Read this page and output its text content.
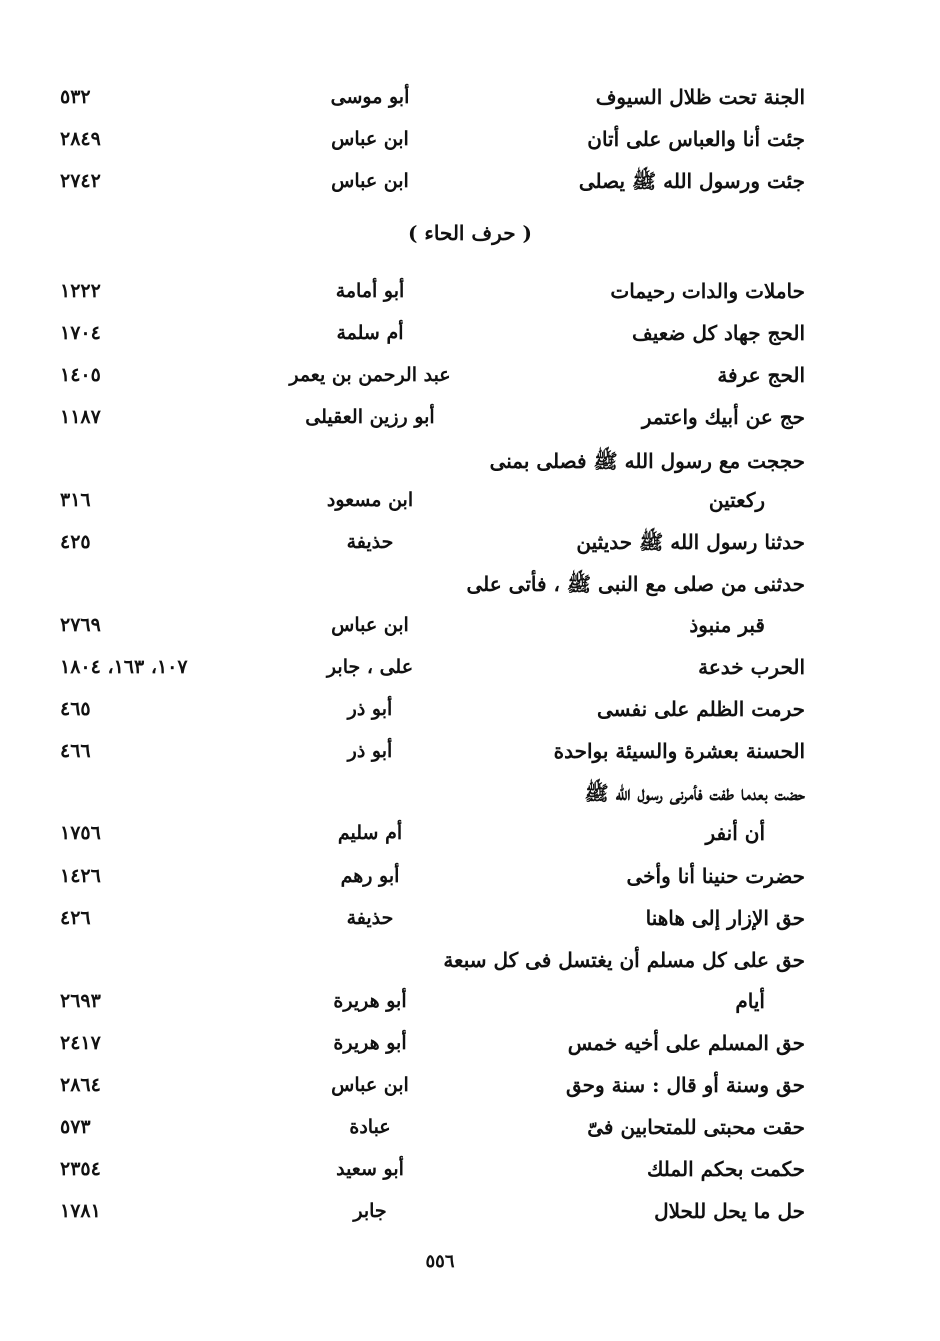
الجنة تحت ظلال السيوف
أبو موسى
٥٣٢
جئت أنا والعباس على أتان
ابن عباس
٢٨٤٩
جئت ورسول الله ﷺ يصلى
ابن عباس
٢٧٤٢
( حرف الحاء )
حاملات والدات رحيمات
أبو أمامة
١٢٢٢
الحج جهاد كل ضعيف
أم سلمة
١٧٠٤
الحج عرفة
عبد الرحمن بن يعمر
١٤٠٥
حج عن أبيك واعتمر
أبو رزين العقيلى
١١٨٧
حججت مع رسول الله ﷺ فصلى بمنى
ركعتين
ابن مسعود
٣١٦
حدثنا رسول الله ﷺ حديثين
حذيفة
٤٢٥
حدثنى من صلى مع النبى ﷺ ، فأتى على
قبر منبوذ
ابن عباس
٢٧٦٩
الحرب خدعة
على ، جابر
١٠٧، ١٦٣، ١٨٠٤
حرمت الظلم على نفسى
أبو ذر
٤٦٥
الحسنة بعشرة والسيئة بواحدة
أبو ذر
٤٦٦
حضت بعدما طفت فأمرنى رسول الله ﷺ
أن أنفر
أم سليم
١٧٥٦
حضرت حنينا أنا وأخى
أبو رهم
١٤٢٦
حق الإزار إلى هاهنا
حذيفة
٤٢٦
حق على كل مسلم أن يغتسل فى كل سبعة
أيام
أبو هريرة
٢٦٩٣
حق المسلم على أخيه خمس
أبو هريرة
٢٤١٧
حق وسنة أو قال : سنة وحق
ابن عباس
٢٨٦٤
حقت محبتى للمتحابين فىّ
عبادة
٥٧٣
حكمت بحكم الملك
أبو سعيد
٢٣٥٤
حل ما يحل للحلال
جابر
١٧٨١
٥٥٦
